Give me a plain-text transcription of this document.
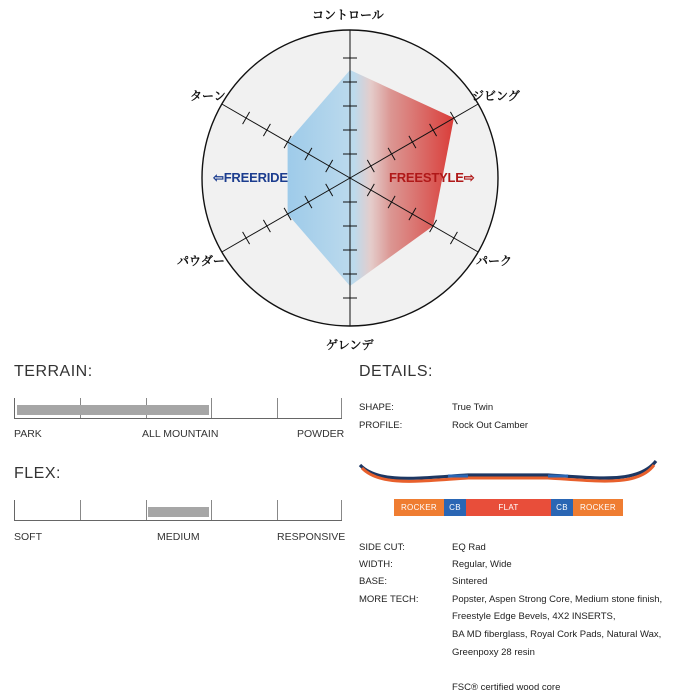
コントロール
ジビング
パーク
ゲレンデ
パウダー
ターン
⇦FREERIDE	FREESTYLE⇨
TERRAIN:
PARK	ALL MOUNTAIN	POWDER
FLEX:
SOFT	MEDIUM	RESPONSIVE
DETAILS:
SHAPE:	True Twin
PROFILE:	Rock Out Camber
ROCKER	CB	FLAT	CB	ROCKER
SIDE CUT:	EQ Rad
WIDTH:	Regular, Wide
BASE:	Sintered
MORE TECH:	Popster, Aspen Strong Core, Medium stone finish,
Freestyle Edge Bevels, 4X2 INSERTS,
BA MD fiberglass, Royal Cork Pads, Natural Wax,
Greenpoxy 28 resin
FSC® certified wood core
